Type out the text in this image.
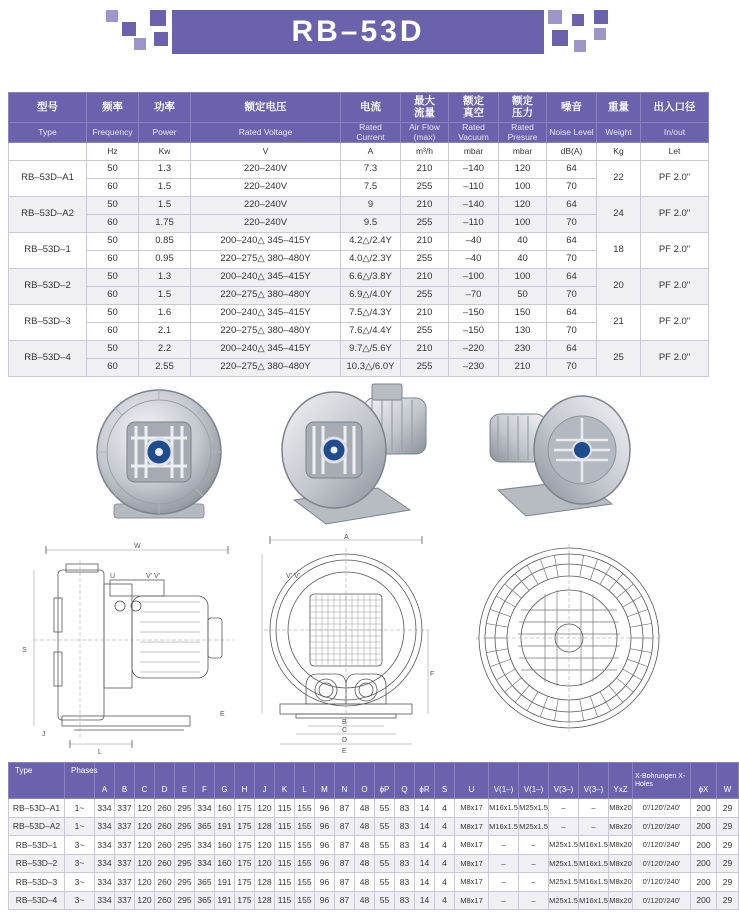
RB–53D
型号	频率	功率	额定电压	电流	最大流量	额定真空	额定压力	噪音	重量	出入口径
Type	Frequency	Power	Rated Voltage	Rated Current	Air Flow (max)	Rated Vacuum	Rated Presure	Noise Level	Weight	In/out
	Hz	Kw	V	A	m³/h	mbar	mbar	dB(A)	Kg	Let
RB–53D–A1	50	1.3	220–240V	7.3	210	–140	120	64	22	PF 2.0"
	60	1.5	220–240V	7.5	255	–110	100	70		
RB–53D–A2	50	1.5	220–240V	9	210	–140	120	64	24	PF 2.0"
	60	1.75	220–240V	9.5	255	–110	100	70		
RB–53D–1	50	0.85	200–240△ 345–415Y	4.2△/2.4Y	210	–40	40	64	18	PF 2.0"
	60	0.95	220–275△ 380–480Y	4.0△/2.3Y	255	–40	40	70		
RB–53D–2	50	1.3	200–240△ 345–415Y	6.6△/3.8Y	210	–100	100	64	20	PF 2.0"
	60	1.5	220–275△ 380–480Y	6.9△/4.0Y	255	–70	50	70		
RB–53D–3	50	1.6	200–240△ 345–415Y	7.5△/4.3Y	210	–150	150	64	21	PF 2.0"
	60	2.1	220–275△ 380–480Y	7.6△/4.4Y	255	–150	130	70		
RB–53D–4	50	2.2	200–240△ 345–415Y	9.7△/5.6Y	210	–220	230	64	25	PF 2.0"
	60	2.55	220–275△ 380–480Y	10.3△/6.0Y	255	–230	210	70		
S
U	V' V'
W
L
E
J
A
B
C
D
E
F
V' V'
Type	Phases	A	B	C	D	E	F	G	H	J	K	L	M	N	O	ϕP	Q	ϕR	S	U	V(1–)	V(1–)	V(3–)	V(3–)	YxZ	X-Bohrungen X-Holes	ϕX	W
RB–53D–A1	1~	334	337	120	260	295	334	160	175	120	115	155	96	87	48	55	83	14	4	M8x17	M16x1.5	M25x1.5	–	–	M8x20	0'/120'/240'	200	29
RB–53D–A2	1~	334	337	120	260	295	365	191	175	128	115	155	96	87	48	55	83	14	4	M8x17	M16x1.5	M25x1.5	–	–	M8x20	0'/120'/240'	200	29
RB–53D–1	3~	334	337	120	260	295	334	160	175	120	115	155	96	87	48	55	83	14	4	M8x17	–	–	M25x1.5	M16x1.5	M8x20	0'/120'/240'	200	29
RB–53D–2	3~	334	337	120	260	295	334	160	175	120	115	155	96	87	48	55	83	14	4	M8x17	–	–	M25x1.5	M16x1.5	M8x20	0'/120'/240'	200	29
RB–53D–3	3~	334	337	120	260	295	365	191	175	128	115	155	96	87	48	55	83	14	4	M8x17	–	–	M25x1.5	M16x1.5	M8x20	0'/120'/240'	200	29
RB–53D–4	3~	334	337	120	260	295	365	191	175	128	115	155	96	87	48	55	83	14	4	M8x17	–	–	M25x1.5	M16x1.5	M8x20	0'/120'/240'	200	29
